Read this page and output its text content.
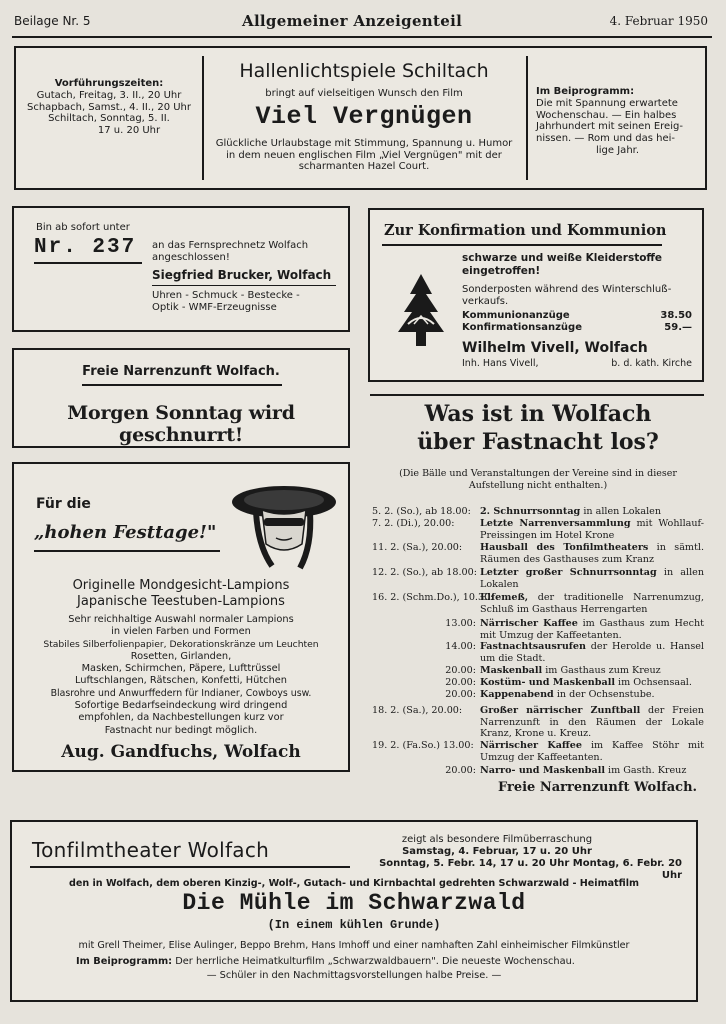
Beilage Nr. 5	Allgemeiner Anzeigenteil	4. Februar 1950
Vorführungszeiten:
Gutach, Freitag, 3. II., 20 Uhr
Schapbach, Samst., 4. II., 20 Uhr
Schiltach, Sonntag, 5. II.
17 u. 20 Uhr
Hallenlichtspiele Schiltach
bringt auf vielseitigen Wunsch den Film
Viel Vergnügen
Glückliche Urlaubstage mit Stimmung, Spannung u. Humor
in dem neuen englischen Film „Viel Vergnügen" mit der
scharmanten Hazel Court.
Im Beiprogramm:
Die mit Spannung erwartete
Wochenschau. — Ein halbes
Jahrhundert mit seinen Ereig-
nissen. — Rom und das hei-
lige Jahr.
Bin ab sofort unter
Nr. 237 an das Fernsprechnetz Wolfach
angeschlossen!
Siegfried Brucker, Wolfach
Uhren - Schmuck - Bestecke -
Optik - WMF-Erzeugnisse
Zur Konfirmation und Kommunion
schwarze und weiße Kleiderstoffe
eingetroffen!
Sonderposten während des Winterschluß-
verkaufs.
Kommunionanzüge	38.50
Konfirmationsanzüge	59.—
Wilhelm Vivell, Wolfach
Inh. Hans Vivell,	b. d. kath. Kirche
Freie Narrenzunft Wolfach.
Morgen Sonntag wird geschnurrt!
Für die
„hohen Festtage!"
Originelle Mondgesicht-Lampions
Japanische Teestuben-Lampions
Sehr reichhaltige Auswahl normaler Lampions
in vielen Farben und Formen
Stabiles Silberfolienpapier, Dekorationskränze um Leuchten
Rosetten, Girlanden,
Masken, Schirmchen, Päpere, Lufttrüssel
Luftschlangen, Rätschen, Konfetti, Hütchen
Blasrohre und Anwurffedern für Indianer, Cowboys usw.
Sofortige Bedarfseindeckung wird dringend
empfohlen, da Nachbestellungen kurz vor
Fastnacht nur bedingt möglich.
Aug. Gandfuchs, Wolfach
Was ist in Wolfach
über Fastnacht los?
(Die Bälle und Veranstaltungen der Vereine sind in dieser
Aufstellung nicht enthalten.)
5. 2. (So.), ab 18.00: 2. Schnurrsonntag in allen Lokalen
7. 2. (Di.), 20.00:	Letzte Narrenversammlung mit Wohllauf-Preissingen im Hotel Krone
11. 2. (Sa.), 20.00:	Hausball des Tonfilmtheaters in sämtl. Räumen des Gasthauses zum Kranz
12. 2. (So.), ab 18.00: Letzter großer Schnurrsonntag in allen Lokalen
16. 2. (Schm.Do.), 10.30:
Elfemeß, der traditionelle Narrenumzug, Schluß im Gasthaus Herrengarten
13.00: Närrischer Kaffee im Gasthaus zum Hecht mit Umzug der Kaffeetanten.
14.00: Fastnachtsausrufen der Herolde u. Hansel um die Stadt.
20.00: Maskenball im Gasthaus zum Kreuz
20.00: Kostüm- und Maskenball im Ochsensaal.
20.00: Kappenabend in der Ochsenstube.
18. 2. (Sa.), 20.00:	Großer närrischer Zunftball der Freien Narrenzunft in den Räumen der Lokale Kranz, Krone u. Kreuz.
19. 2. (Fa.So.) 13.00: Närrischer Kaffee im Kaffee Stöhr mit Umzug der Kaffeetanten.
20.00: Narro- und Maskenball im Gasth. Kreuz
Freie Narrenzunft Wolfach.
Tonfilmtheater Wolfach	zeigt als besondere Filmüberraschung
Samstag, 4. Februar, 17 u. 20 Uhr
Sonntag, 5. Febr. 14, 17 u. 20 Uhr Montag, 6. Febr. 20 Uhr
den in Wolfach, dem oberen Kinzig-, Wolf-, Gutach- und Kirnbachtal gedrehten Schwarzwald - Heimatfilm
Die Mühle im Schwarzwald
(In einem kühlen Grunde)
mit Grell Theimer, Elise Aulinger, Beppo Brehm, Hans Imhoff und einer namhaften Zahl einheimischer Filmkünstler
Im Beiprogramm: Der herrliche Heimatkulturfilm „Schwarzwaldbauern". Die neueste Wochenschau.
— Schüler in den Nachmittagsvorstellungen halbe Preise. —
